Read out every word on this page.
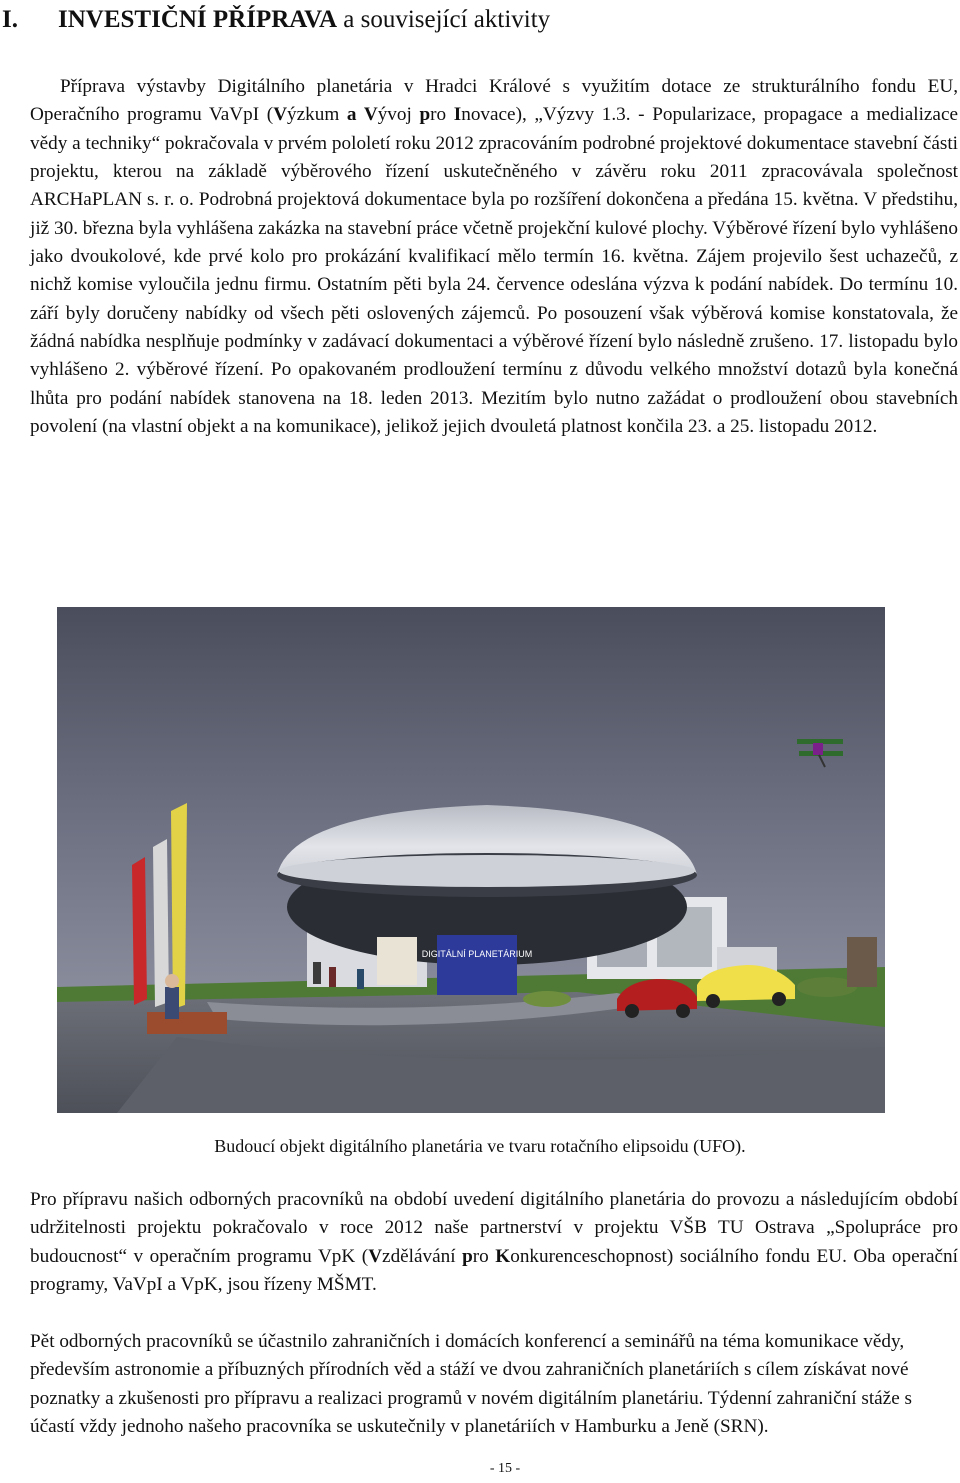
I. INVESTIČNÍ PŘÍPRAVA a související aktivity

Příprava výstavby Digitálního planetária v Hradci Králové s využitím dotace ze strukturálního fondu EU, Operačního programu VaVpI (Výzkum a Vývoj pro Inovace), „Výzvy 1.3. - Popularizace, propagace a medializace vědy a techniky“ pokračovala v prvém pololetí roku 2012 zpracováním podrobné projektové dokumentace stavební části projektu, kterou na základě výběrového řízení uskutečněného v závěru roku 2011 zpracovávala společnost ARCHaPLAN s. r. o. Podrobná projektová dokumentace byla po rozšíření dokončena a předána 15. května. V předstihu, již 30. března byla vyhlášena zakázka na stavební práce včetně projekční kulové plochy. Výběrové řízení bylo vyhlášeno jako dvoukolové, kde prvé kolo pro prokázání kvalifikací mělo termín 16. května. Zájem projevilo šest uchazečů, z nichž komise vyloučila jednu firmu. Ostatním pěti byla 24. července odeslána výzva k podání nabídek. Do termínu 10. září byly doručeny nabídky od všech pěti oslovených zájemců. Po posouzení však výběrová komise konstatovala, že žádná nabídka nesplňuje podmínky v zadávací dokumentaci a výběrové řízení bylo následně zrušeno. 17. listopadu bylo vyhlášeno 2. výběrové řízení. Po opakovaném prodloužení termínu z důvodu velkého množství dotazů byla konečná lhůta pro podání nabídek stanovena na 18. leden 2013. Mezitím bylo nutno zažádat o prodloužení obou stavebních povolení (na vlastní objekt a na komunikace), jelikož jejich dvouletá platnost končila 23. a 25. listopadu 2012.

DIGITÁLNÍ PLANETÁRIUM
Budoucí objekt digitálního planetária ve tvaru rotačního elipsoidu (UFO).

Pro přípravu našich odborných pracovníků na období uvedení digitálního planetária do provozu a následujícím období udržitelnosti projektu pokračovalo v roce 2012 naše partnerství v projektu VŠB TU Ostrava „Spolupráce pro budoucnost“ v operačním programu VpK (Vzdělávání pro Konkurenceschopnost) sociálního fondu EU. Oba operační programy, VaVpI a VpK, jsou řízeny MŠMT.

Pět odborných pracovníků se účastnilo zahraničních i domácích konferencí a seminářů na téma komunikace vědy, především astronomie a příbuzných přírodních věd a stáží ve dvou zahraničních planetáriích s cílem získávat nové poznatky a zkušenosti pro přípravu a realizaci programů v novém digitálním planetáriu. Týdenní zahraniční stáže s účastí vždy jednoho našeho pracovníka se uskutečnily v planetáriích v Hamburku a Jeně (SRN).

- 15 -
